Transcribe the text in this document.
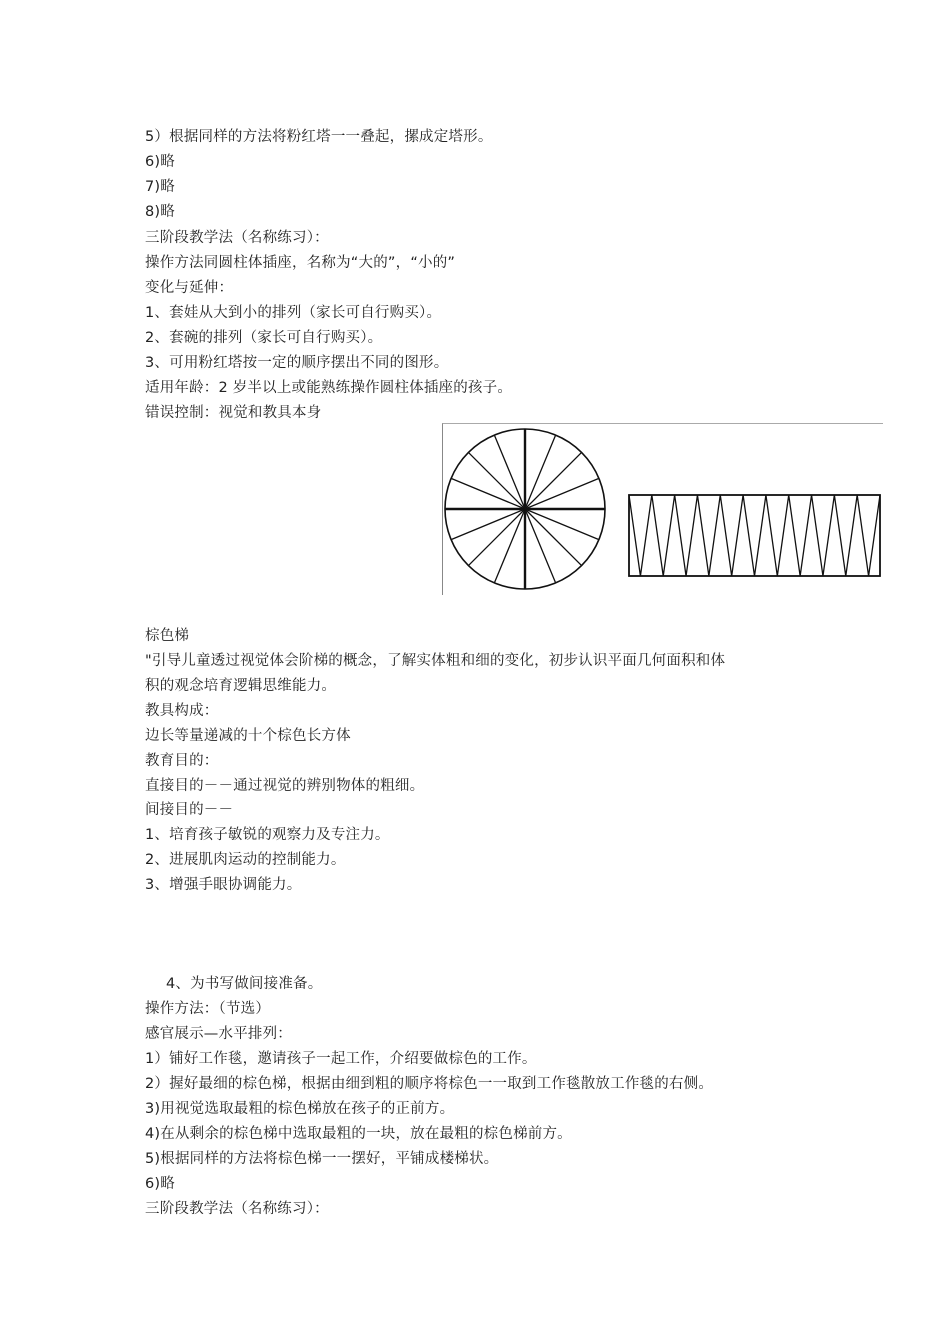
5）根据同样的方法将粉红塔一一叠起，摞成定塔形。
6)略
7)略
8)略
三阶段教学法（名称练习）：
操作方法同圆柱体插座，名称为“大的”，“小的”
变化与延伸：
1、套娃从大到小的排列（家长可自行购买）。
2、套碗的排列（家长可自行购买）。
3、可用粉红塔按一定的顺序摆出不同的图形。
适用年龄：2 岁半以上或能熟练操作圆柱体插座的孩子。
错误控制：视觉和教具本身
棕色梯
"引导儿童透过视觉体会阶梯的概念，了解实体粗和细的变化，初步认识平面几何面积和体
积的观念培育逻辑思维能力。
教具构成：
边长等量递减的十个棕色长方体
教育目的：
直接目的－－通过视觉的辨别物体的粗细。
间接目的－－
1、培育孩子敏锐的观察力及专注力。
2、进展肌肉运动的控制能力。
3、增强手眼协调能力。
4、为书写做间接准备。
操作方法：（节选）
感官展示—水平排列：
1）铺好工作毯，邀请孩子一起工作，介绍要做棕色的工作。
2）握好最细的棕色梯，根据由细到粗的顺序将棕色一一取到工作毯散放工作毯的右侧。
3)用视觉选取最粗的棕色梯放在孩子的正前方。
4)在从剩余的棕色梯中选取最粗的一块，放在最粗的棕色梯前方。
5)根据同样的方法将棕色梯一一摆好，平铺成楼梯状。
6)略
三阶段教学法（名称练习）：
